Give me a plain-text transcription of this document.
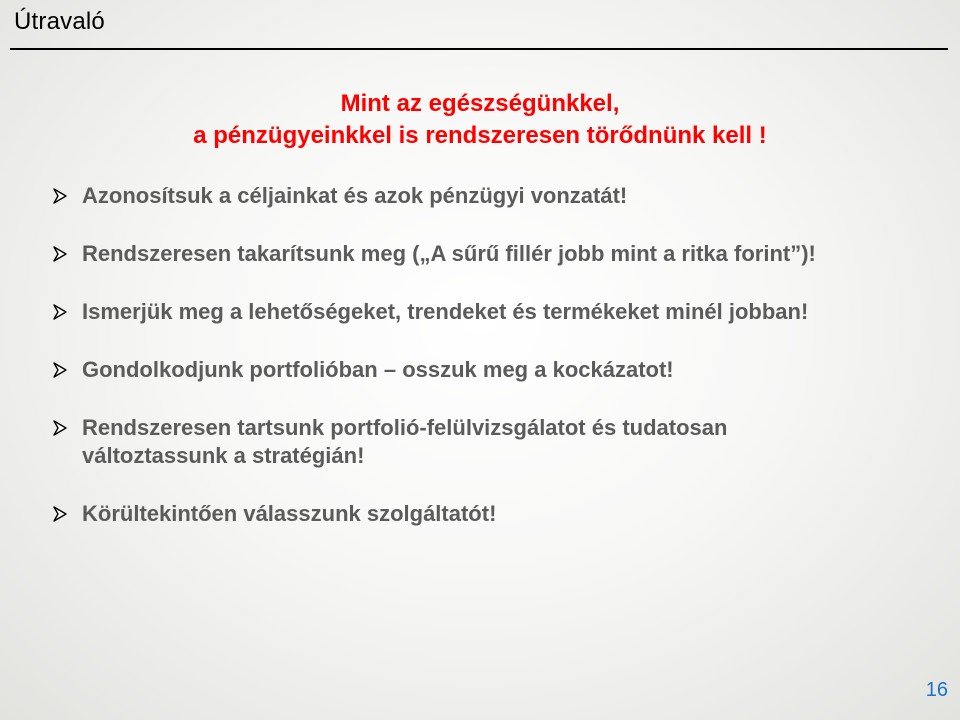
Útravaló
Mint az egészségünkkel,
a pénzügyeinkkel is rendszeresen törődnünk kell !
Azonosítsuk a céljainkat és azok pénzügyi vonzatát!
Rendszeresen takarítsunk meg („A sűrű fillér jobb mint a ritka forint”)!
Ismerjük meg a lehetőségeket, trendeket és termékeket minél jobban!
Gondolkodjunk portfolióban – osszuk meg a kockázatot!
Rendszeresen tartsunk portfolió-felülvizsgálatot és tudatosan
változtassunk a stratégián!
Körültekintően válasszunk szolgáltatót!
16
